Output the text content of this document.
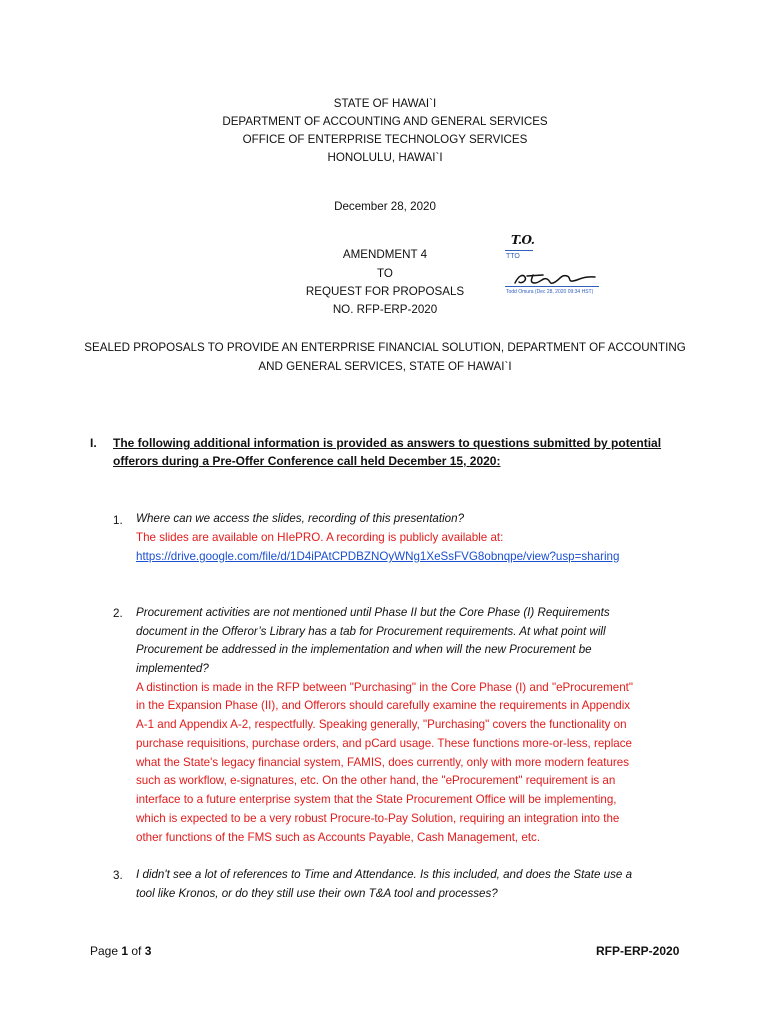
STATE OF HAWAI`I
DEPARTMENT OF ACCOUNTING AND GENERAL SERVICES
OFFICE OF ENTERPRISE TECHNOLOGY SERVICES
HONOLULU, HAWAI`I
December 28, 2020
AMENDMENT 4
TO
REQUEST FOR PROPOSALS
NO. RFP-ERP-2020
T.O.
TTO
Todd Omura (Dec 28, 2020 09:34 HST)
SEALED PROPOSALS TO PROVIDE AN ENTERPRISE FINANCIAL SOLUTION, DEPARTMENT OF ACCOUNTING
AND GENERAL SERVICES, STATE OF HAWAI`I
I. The following additional information is provided as answers to questions submitted by potential
offerors during a Pre-Offer Conference call held December 15, 2020:
1. Where can we access the slides, recording of this presentation?
The slides are available on HIePRO. A recording is publicly available at:
https://drive.google.com/file/d/1D4iPAtCPDBZNOyWNg1XeSsFVG8obnqpe/view?usp=sharing
2. Procurement activities are not mentioned until Phase II but the Core Phase (I) Requirements
document in the Offeror’s Library has a tab for Procurement requirements. At what point will
Procurement be addressed in the implementation and when will the new Procurement be
implemented?
A distinction is made in the RFP between "Purchasing" in the Core Phase (I) and "eProcurement"
in the Expansion Phase (II), and Offerors should carefully examine the requirements in Appendix
A-1 and Appendix A-2, respectfully. Speaking generally, "Purchasing" covers the functionality on
purchase requisitions, purchase orders, and pCard usage. These functions more-or-less, replace
what the State's legacy financial system, FAMIS, does currently, only with more modern features
such as workflow, e-signatures, etc. On the other hand, the "eProcurement" requirement is an
interface to a future enterprise system that the State Procurement Office will be implementing,
which is expected to be a very robust Procure-to-Pay Solution, requiring an integration into the
other functions of the FMS such as Accounts Payable, Cash Management, etc.
3. I didn't see a lot of references to Time and Attendance. Is this included, and does the State use a
tool like Kronos, or do they still use their own T&A tool and processes?
Page 1 of 3	RFP-ERP-2020
